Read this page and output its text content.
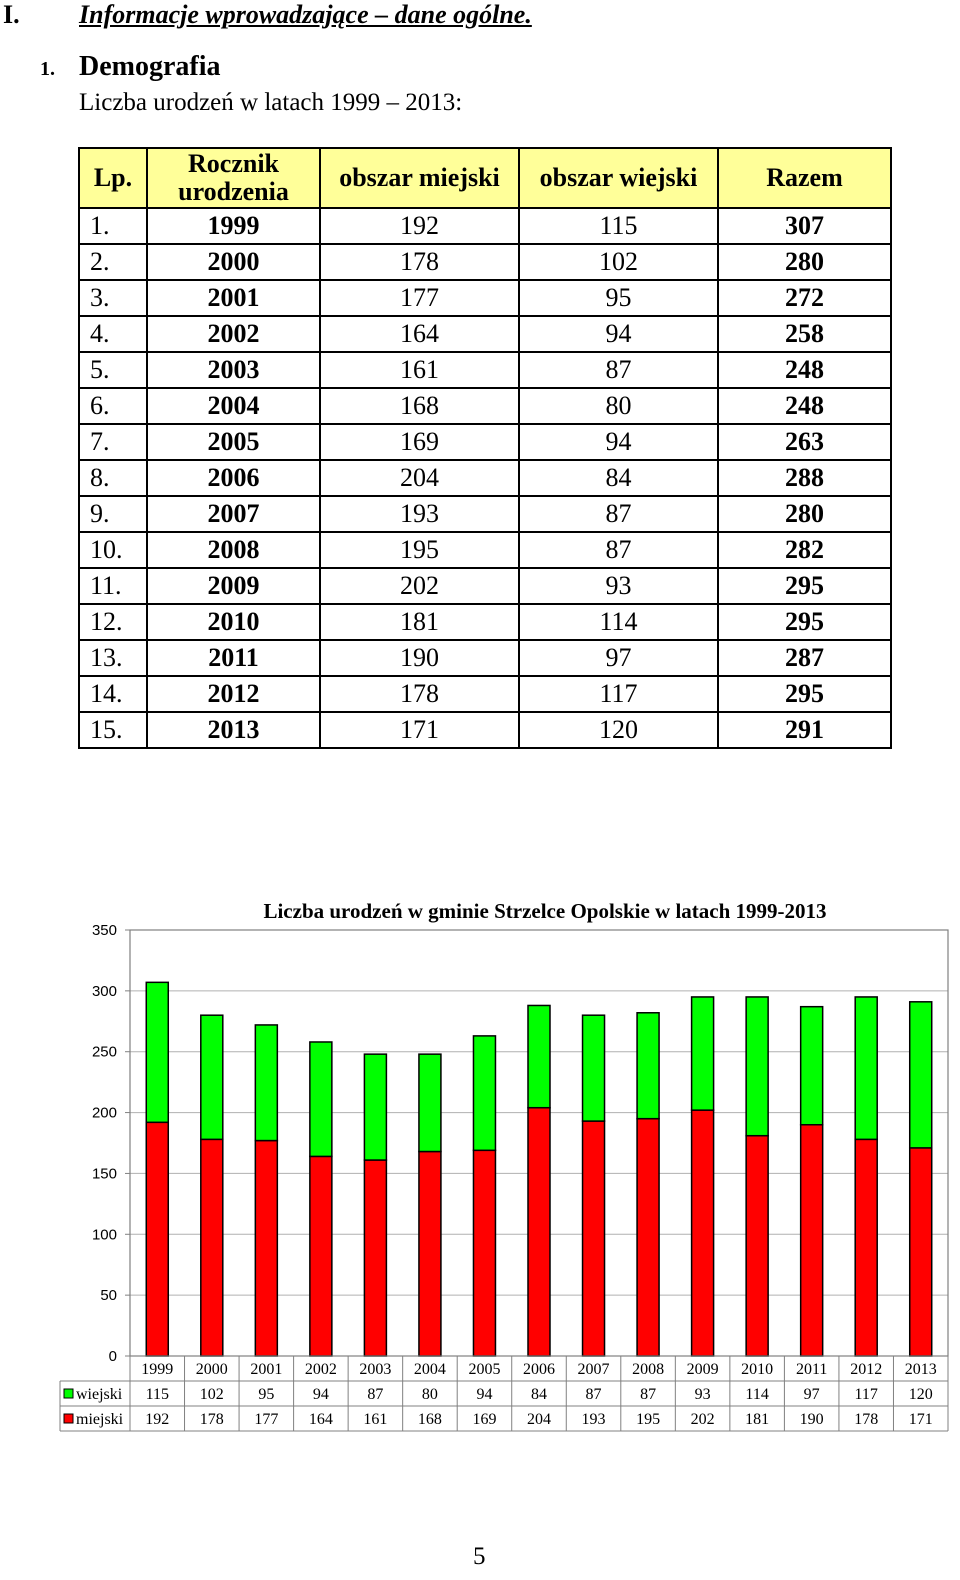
I. Informacje wprowadzające – dane ogólne.
1. Demografia
Liczba urodzeń w latach 1999 – 2013:
Lp.	Rocznik urodzenia	obszar miejski	obszar wiejski	Razem
1.	1999	192	115	307
2.	2000	178	102	280
3.	2001	177	95	272
4.	2002	164	94	258
5.	2003	161	87	248
6.	2004	168	80	248
7.	2005	169	94	263
8.	2006	204	84	288
9.	2007	193	87	280
10.	2008	195	87	282
11.	2009	202	93	295
12.	2010	181	114	295
13.	2011	190	97	287
14.	2012	178	117	295
15.	2013	171	120	291
0
50
100
150
200
250
300
350
Liczba urodzeń w gminie Strzelce Opolskie w latach 1999-2013
1999 2000 2001 2002 2003 2004 2005 2006 2007 2008 2009 2010 2011 2012 2013
wiejski 115 102 95 94 87 80 94 84 87 87 93 114 97 117 120
miejski 192 178 177 164 161 168 169 204 193 195 202 181 190 178 171
5
